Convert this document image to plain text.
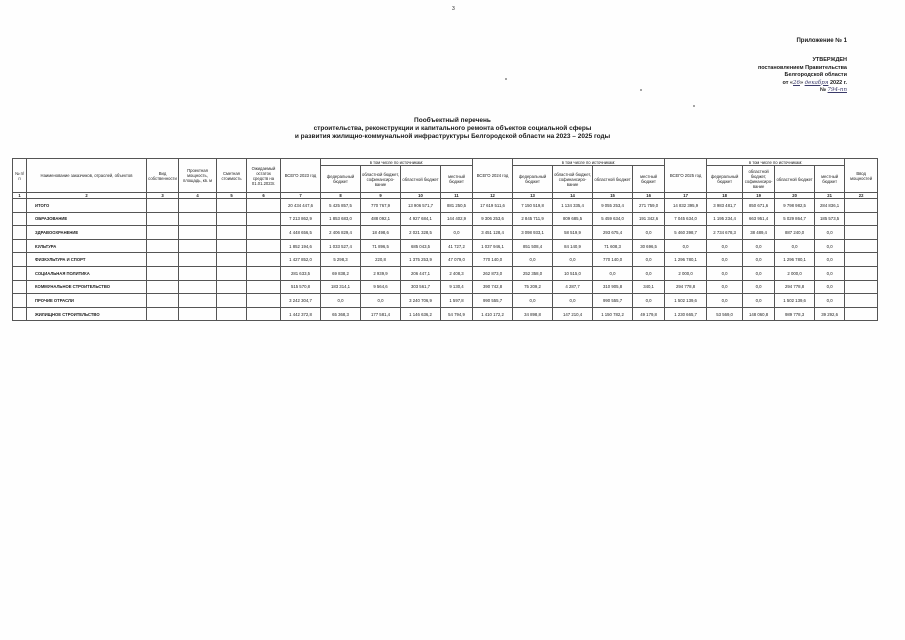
3
Приложение № 1
УТВЕРЖДЕН
постановлением Правительства
Белгородской области
от «26» декабря 2022 г.
№ 794-пп
Пообъектный перечень
строительства, реконструкции и капитального ремонта объектов социальной сферы
и развития жилищно-коммунальной инфраструктуры Белгородской области на 2023 – 2025 годы
№ п/п	Наименование заказчиков, отраслей, объектов	Вид собственности	Проектная мощность, площадь, кв. м	Сметная стоимость	Ожидаемый остаток средств на 01.01.2023г.	ВСЕГО 2023 год	в том числе по источникам:				ВСЕГО 2024 год	в том числе по источникам:				ВСЕГО 2025 год	в том числе по источникам:				Ввод мощностей
							федеральный бюджет	областной бюджет, софинансиро- вание	областной бюджет	местный бюджет		федеральный бюджет	областной бюджет, софинансиро- вание	областной бюджет	местный бюджет		федеральный бюджет	областной бюджет, софинансиро- вание	областной бюджет	местный бюджет	
1	2	3	4	5	6	7	8	9	10	11	12	13	14	15	16	17	18	19	20	21	22
	ИТОГО					20 434 447,6	5 425 857,5	770 767,9	13 906 571,7	881 250,5	17 619 511,6	7 150 519,8	1 134 335,4	9 055 253,4	271 759,0	14 832 395,9	3 983 481,7	850 671,6	9 798 982,5	284 836,1	
	ОБРАЗОВАНИЕ					7 213 862,9	1 853 683,0	488 092,1	4 927 684,1	144 402,9	9 306 253,6	2 845 711,9	809 685,5	5 459 634,0	191 342,6	7 045 634,0	1 195 234,4	663 951,4	5 029 864,7	185 573,5	
	ЗДРАВООХРАНЕНИЕ					4 448 656,5	2 406 829,4	18 498,6	2 021 328,5	0,0	3 451 128,4	3 098 933,1	58 519,9	293 675,4	0,0	5 460 398,7	2 734 678,3	38 489,4	887 240,0	0,0	
	КУЛЬТУРА					1 852 194,6	1 033 527,4	71 896,5	685 043,5	41 727,2	1 037 946,1	851 508,4	84 140,9	71 608,3	30 696,5	0,0	0,0	0,0	0,0	0,0	
	ФИЗКУЛЬТУРА И СПОРТ					1 427 852,0	5 298,3	220,8	1 375 253,9	47 079,0	770 140,0	0,0	0,0	770 140,0	0,0	1 296 780,1	0,0	0,0	1 296 780,1	0,0	
	СОЦИАЛЬНАЯ ПОЛИТИКА					281 633,5	69 838,2	2 939,9	206 447,1	2 408,3	262 873,0	252 358,0	10 515,0	0,0	0,0	2 000,0	0,0	0,0	2 000,0	0,0	
	КОММУНАЛЬНОЕ СТРОИТЕЛЬСТВО					515 570,8	183 314,1	9 564,6	303 561,7	9 130,4	390 742,8	75 209,2	4 287,7	310 905,8	340,1	294 778,8	0,0	0,0	294 778,8	0,0	
	ПРОЧИЕ ОТРАСЛИ					3 242 304,7	0,0	0,0	3 240 706,9	1 597,8	990 555,7	0,0	0,0	990 555,7	0,0	1 502 139,6	0,0	0,0	1 502 139,6	0,0	
	ЖИЛИЩНОЕ СТРОИТЕЛЬСТВО					1 442 372,8	65 368,3	177 581,4	1 146 636,2	54 794,9	1 410 172,2	34 898,8	147 210,4	1 150 782,2	49 179,8	1 230 665,7	53 569,0	148 060,8	989 778,3	39 292,6	
